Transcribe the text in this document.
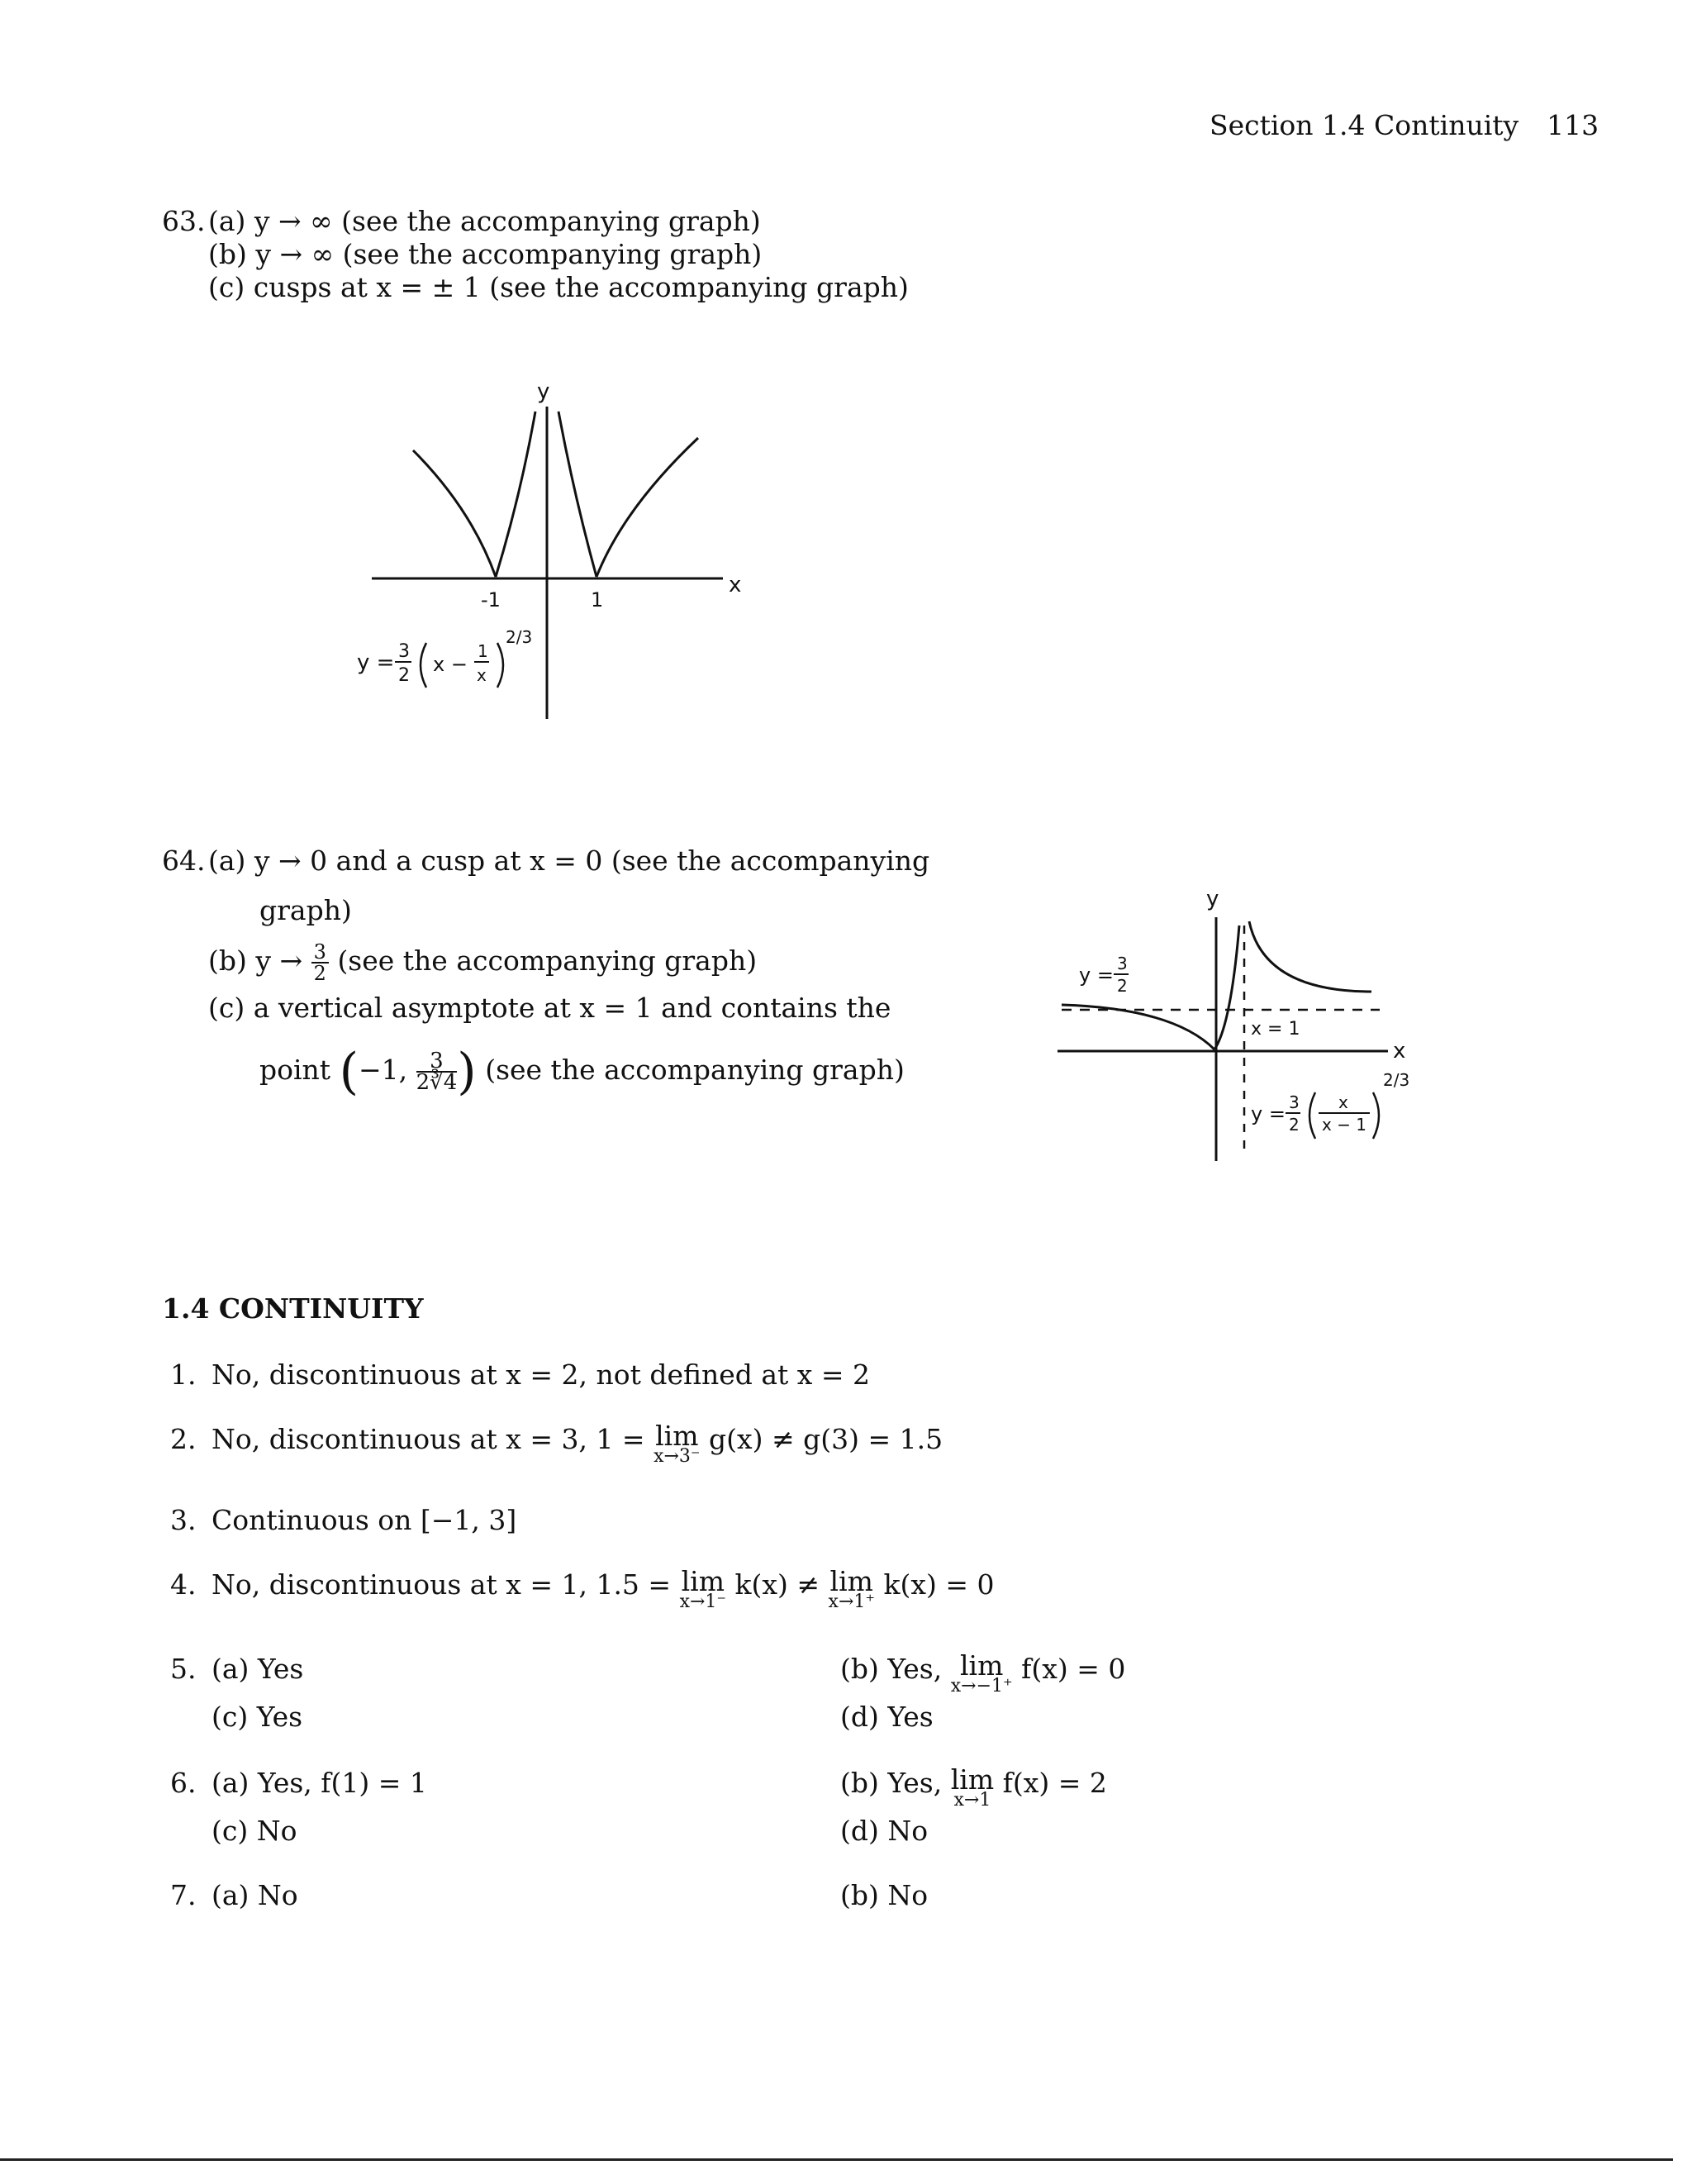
Section 1.4 Continuity 113
63. (a) y → ∞ (see the accompanying graph)
(b) y → ∞ (see the accompanying graph)
(c) cusps at x = ± 1 (see the accompanying graph)
y
x
-1	1
y = 3
2 x −
1
x
2/3
64. (a) y → 0 and a cusp at x = 0 (see the accompanying
graph)
(b) $y \to \frac{3}{2} (see$ the accompanying graph)
(c) a vertical asymptote at x = 1 and contains the
point (−1, $\frac{3}{2∛4}$ ) (see the accompanying graph)
y
x
y = 3
2
x = 1
y = 3
2
x
x − 1
2/3
1.4 CONTINUITY
1. No, discontinuous at x = 2, not defined at x = 2
2. No, discontinuous at x = 3, 1 = lim
x→3⁻
g(x) ≠ g(3) = 1.5
3. Continuous on [−1, 3]
4. No, discontinuous at x = 1, 1.5 = lim
x→1⁻
k(x) ≠ lim
x→1⁺
k(x) = 0
5. (a) Yes
(c) Yes
(b) Yes, lim
x→−1⁺
f(x) = 0
(d) Yes
6. (a) Yes, f(1) = 1
(c) No
(b) Yes, lim
x→1
f(x) = 2
(d) No
7. (a) No	(b) No
